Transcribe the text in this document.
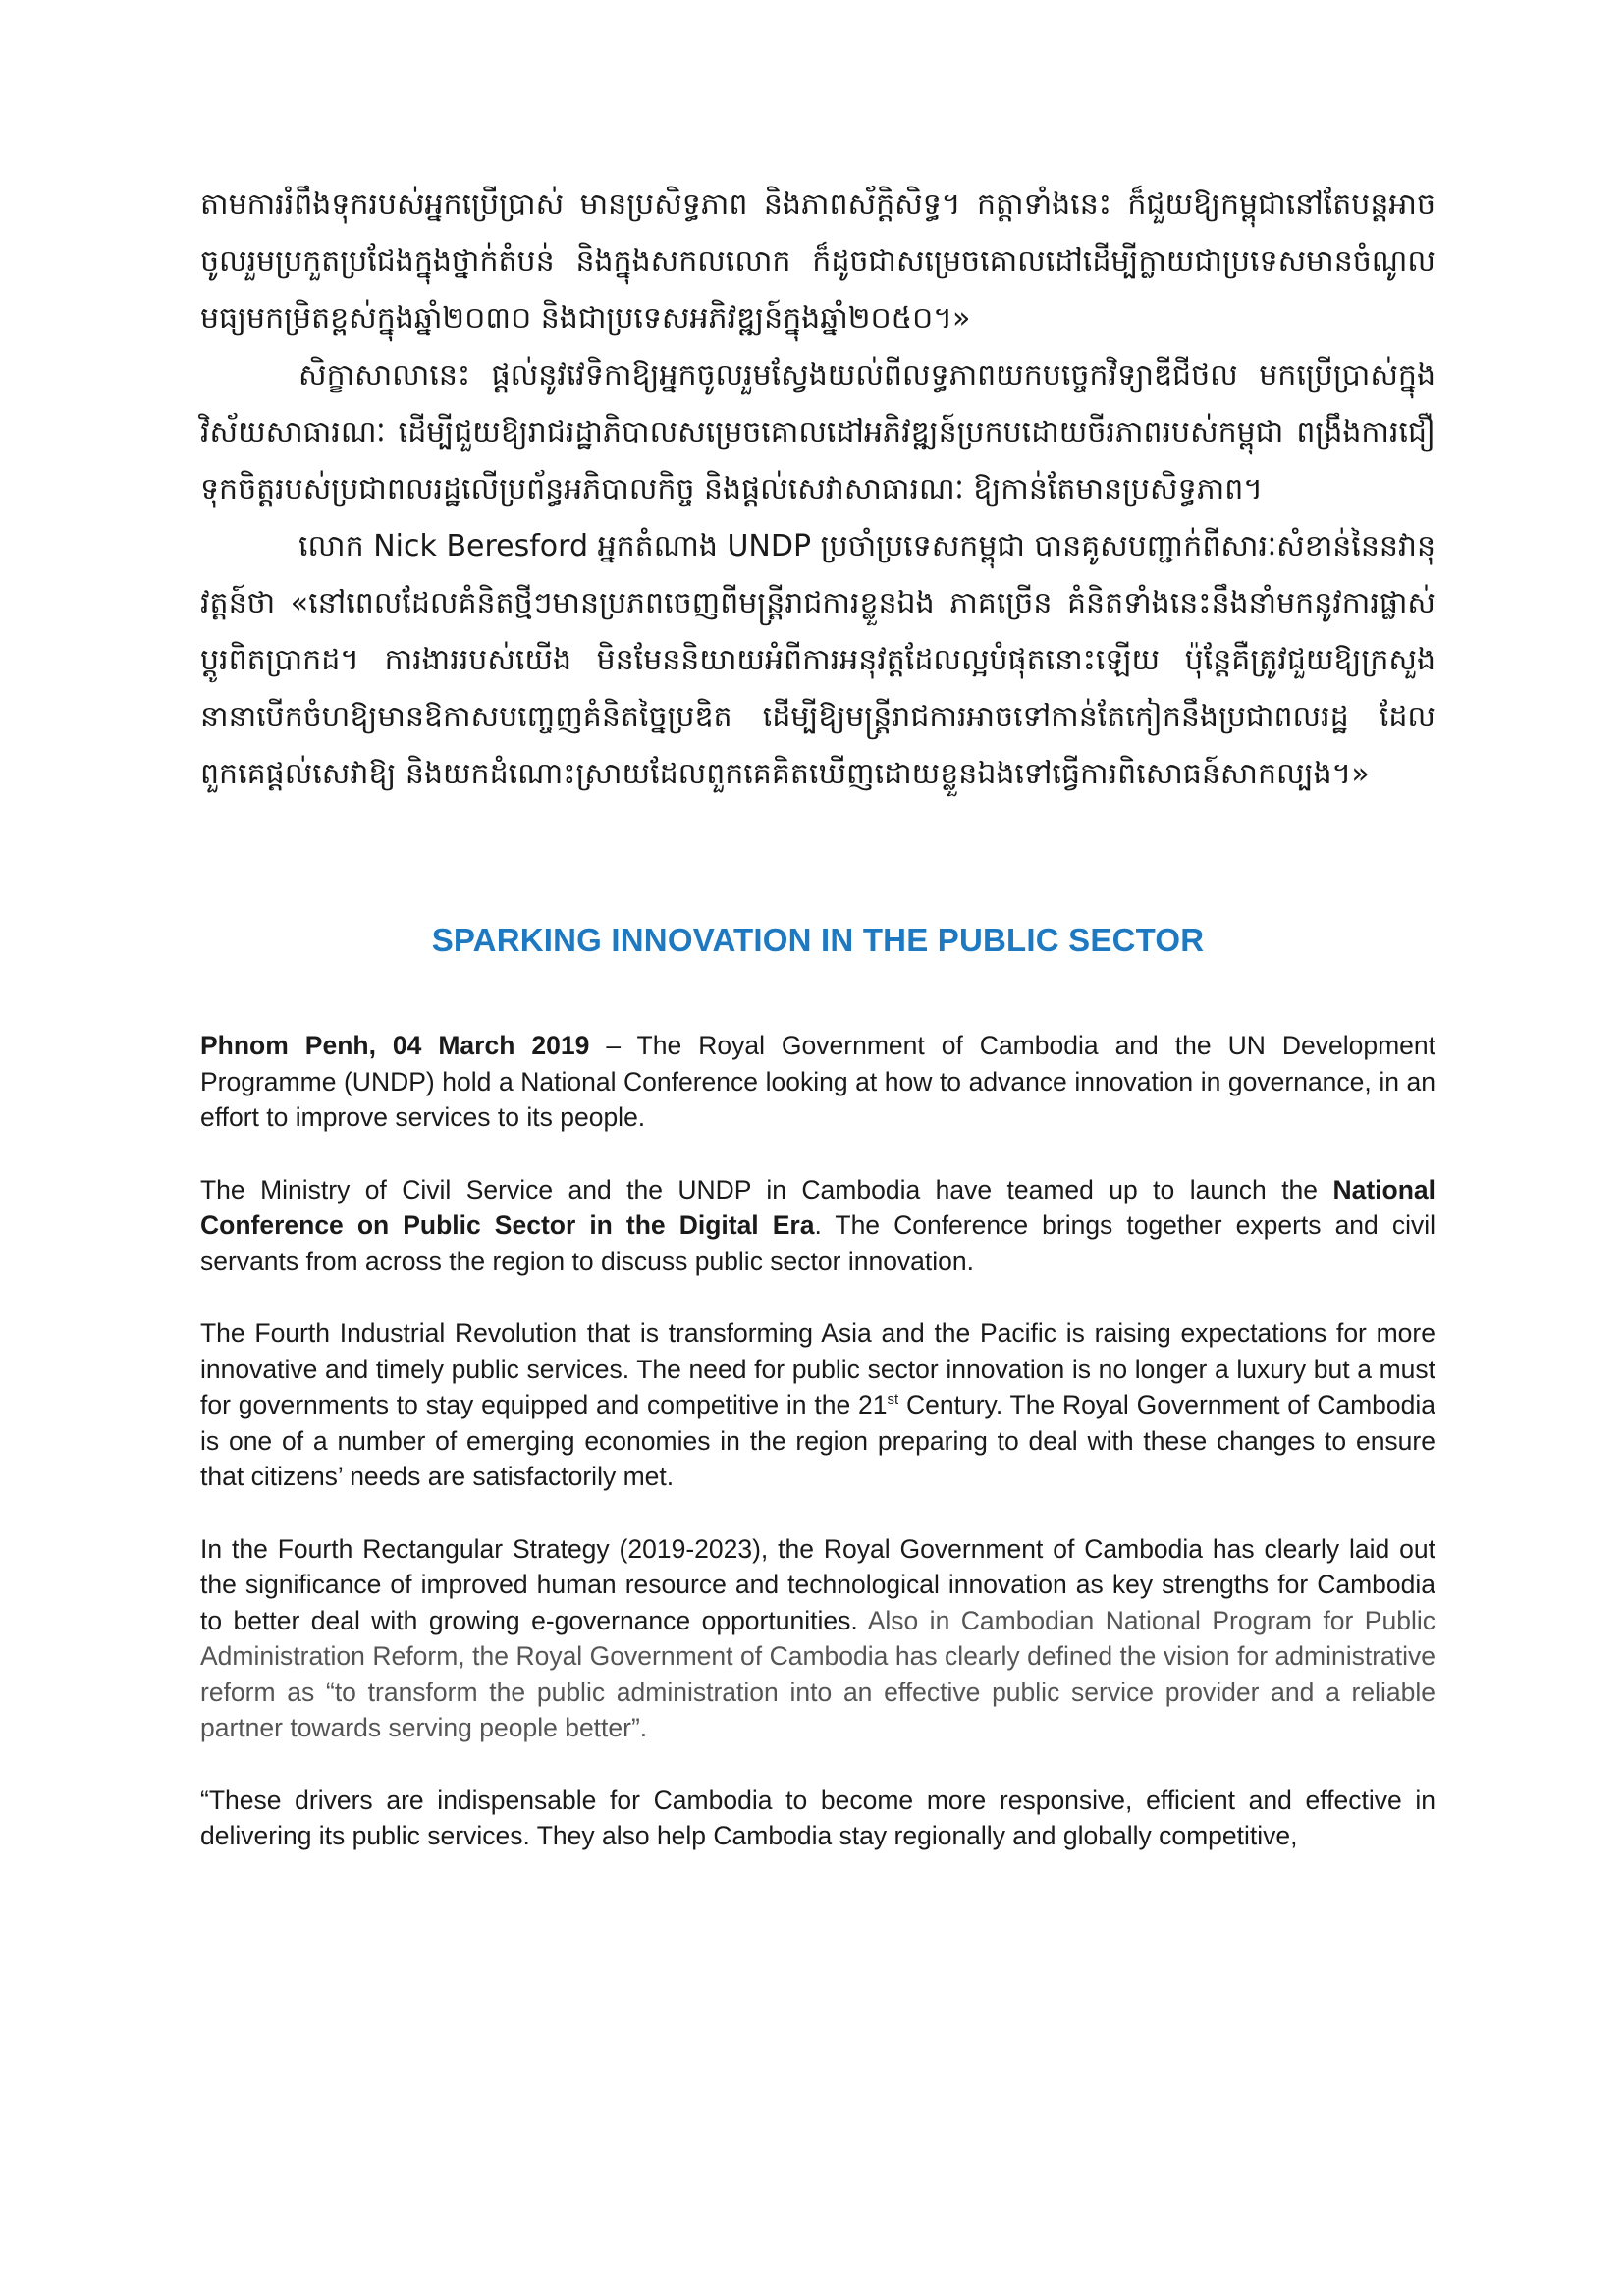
តាមការរំពឹងទុករបស់អ្នកប្រើប្រាស់ មានប្រសិទ្ធភាព និងភាពស័ក្តិសិទ្ធ។ កត្តាទាំងនេះ ក៏ជួយឱ្យកម្ពុជានៅតែបន្តអាចចូលរួមប្រកួតប្រជែងក្នុងថ្នាក់តំបន់ និងក្នុងសកលលោក ក៏ដូចជាសម្រេចគោលដៅដើម្បីក្លាយជាប្រទេសមានចំណូលមធ្យមកម្រិតខ្ពស់ក្នុងឆ្នាំ២០៣០ និងជាប្រទេសអភិវឌ្ឍន៍ក្នុងឆ្នាំ២០៥០។»

សិក្ខាសាលានេះ ផ្តល់នូវវេទិកាឱ្យអ្នកចូលរួមស្វែងយល់ពីលទ្ធភាពយកបច្ចេកវិទ្យាឌីជីថល មកប្រើប្រាស់ក្នុងវិស័យសាធារណៈ ដើម្បីជួយឱ្យរាជរដ្ឋាភិបាលសម្រេចគោលដៅអភិវឌ្ឍន៍ប្រកបដោយចីរភាពរបស់កម្ពុជា ពង្រឹងការជឿទុកចិត្តរបស់ប្រជាពលរដ្ឋលើប្រព័ន្ធអភិបាលកិច្ច និងផ្តល់សេវាសាធារណៈ ឱ្យកាន់តែមានប្រសិទ្ធភាព។

លោក Nick Beresford អ្នកតំណាង UNDP ប្រចាំប្រទេសកម្ពុជា បានគូសបញ្ជាក់ពីសារៈសំខាន់នៃនវានុវត្តន៍ថា «នៅពេលដែលគំនិតថ្មីៗមានប្រភពចេញពីមន្ត្រីរាជការខ្លួនឯង ភាគច្រើន គំនិតទាំងនេះនឹងនាំមកនូវការផ្លាស់ប្តូរពិតប្រាកដ។ ការងាររបស់យើង មិនមែននិយាយអំពីការអនុវត្តដែលល្អបំផុតនោះឡើយ ប៉ុន្តែគឺត្រូវជួយឱ្យក្រសួងនានាបើកចំហឱ្យមានឱកាសបញ្ចេញគំនិតច្នៃប្រឌិត ដើម្បីឱ្យមន្ត្រីរាជការអាចទៅកាន់តែកៀកនឹងប្រជាពលរដ្ឋ ដែលពួកគេផ្តល់សេវាឱ្យ និងយកដំណោះស្រាយដែលពួកគេគិតឃើញដោយខ្លួនឯងទៅធ្វើការពិសោធន៍សាកល្បង។»

SPARKING INNOVATION IN THE PUBLIC SECTOR

Phnom Penh, 04 March 2019 – The Royal Government of Cambodia and the UN Development Programme (UNDP) hold a National Conference looking at how to advance innovation in governance, in an effort to improve services to its people.

The Ministry of Civil Service and the UNDP in Cambodia have teamed up to launch the National Conference on Public Sector in the Digital Era. The Conference brings together experts and civil servants from across the region to discuss public sector innovation.

The Fourth Industrial Revolution that is transforming Asia and the Pacific is raising expectations for more innovative and timely public services. The need for public sector innovation is no longer a luxury but a must for governments to stay equipped and competitive in the 21st Century. The Royal Government of Cambodia is one of a number of emerging economies in the region preparing to deal with these changes to ensure that citizens’ needs are satisfactorily met.

In the Fourth Rectangular Strategy (2019-2023), the Royal Government of Cambodia has clearly laid out the significance of improved human resource and technological innovation as key strengths for Cambodia to better deal with growing e-governance opportunities. Also in Cambodian National Program for Public Administration Reform, the Royal Government of Cambodia has clearly defined the vision for administrative reform as “to transform the public administration into an effective public service provider and a reliable partner towards serving people better”.

“These drivers are indispensable for Cambodia to become more responsive, efficient and effective in delivering its public services. They also help Cambodia stay regionally and globally competitive,
